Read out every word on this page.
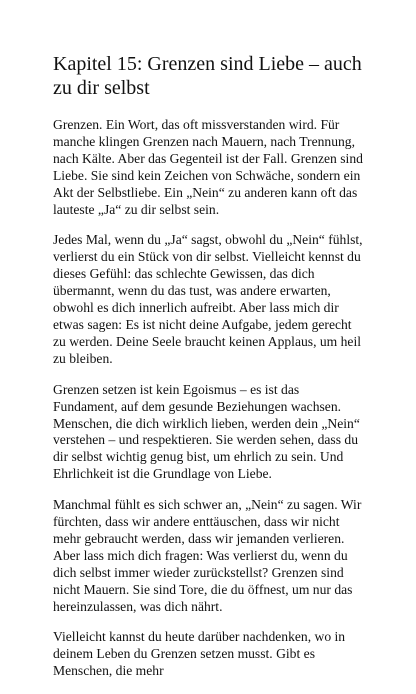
Kapitel 15: Grenzen sind Liebe – auch zu dir selbst

Grenzen. Ein Wort, das oft missverstanden wird. Für manche klingen Grenzen nach Mauern, nach Trennung, nach Kälte. Aber das Gegenteil ist der Fall. Grenzen sind Liebe. Sie sind kein Zeichen von Schwäche, sondern ein Akt der Selbstliebe. Ein „Nein“ zu anderen kann oft das lauteste „Ja“ zu dir selbst sein.

Jedes Mal, wenn du „Ja“ sagst, obwohl du „Nein“ fühlst, verlierst du ein Stück von dir selbst. Vielleicht kennst du dieses Gefühl: das schlechte Gewissen, das dich übermannt, wenn du das tust, was andere erwarten, obwohl es dich innerlich aufreibt. Aber lass mich dir etwas sagen: Es ist nicht deine Aufgabe, jedem gerecht zu werden. Deine Seele braucht keinen Applaus, um heil zu bleiben.

Grenzen setzen ist kein Egoismus – es ist das Fundament, auf dem gesunde Beziehungen wachsen. Menschen, die dich wirklich lieben, werden dein „Nein“ verstehen – und respektieren. Sie werden sehen, dass du dir selbst wichtig genug bist, um ehrlich zu sein. Und Ehrlichkeit ist die Grundlage von Liebe.

Manchmal fühlt es sich schwer an, „Nein“ zu sagen. Wir fürchten, dass wir andere enttäuschen, dass wir nicht mehr gebraucht werden, dass wir jemanden verlieren. Aber lass mich dich fragen: Was verlierst du, wenn du dich selbst immer wieder zurückstellst? Grenzen sind nicht Mauern. Sie sind Tore, die du öffnest, um nur das hereinzulassen, was dich nährt.

Vielleicht kannst du heute darüber nachdenken, wo in deinem Leben du Grenzen setzen musst. Gibt es Menschen, die mehr
